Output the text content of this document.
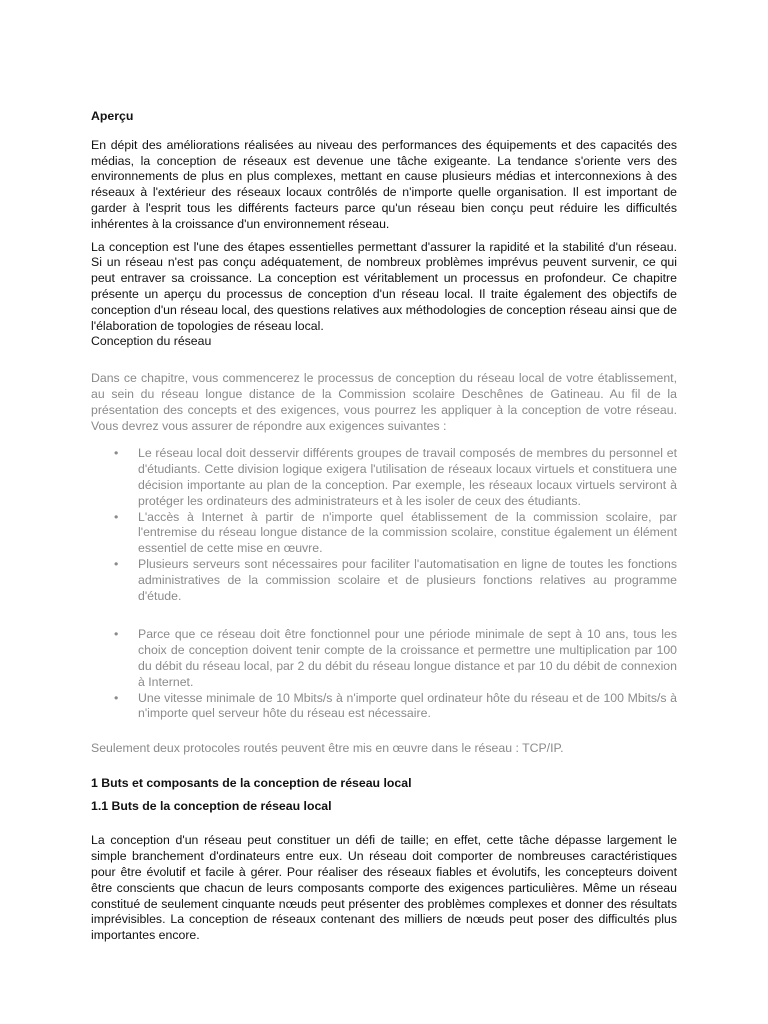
Aperçu

En dépit des améliorations réalisées au niveau des performances des équipements et des capacités des médias, la conception de réseaux est devenue une tâche exigeante. La tendance s'oriente vers des environnements de plus en plus complexes, mettant en cause plusieurs médias et interconnexions à des réseaux à l'extérieur des réseaux locaux contrôlés de n'importe quelle organisation. Il est important de garder à l'esprit tous les différents facteurs parce qu'un réseau bien conçu peut réduire les difficultés inhérentes à la croissance d'un environnement réseau.

La conception est l'une des étapes essentielles permettant d'assurer la rapidité et la stabilité d'un réseau. Si un réseau n'est pas conçu adéquatement, de nombreux problèmes imprévus peuvent survenir, ce qui peut entraver sa croissance. La conception est véritablement un processus en profondeur. Ce chapitre présente un aperçu du processus de conception d'un réseau local. Il traite également des objectifs de conception d'un réseau local, des questions relatives aux méthodologies de conception réseau ainsi que de l'élaboration de topologies de réseau local.

Conception du réseau

Dans ce chapitre, vous commencerez le processus de conception du réseau local de votre établissement, au sein du réseau longue distance de la Commission scolaire Deschênes de Gatineau. Au fil de la présentation des concepts et des exigences, vous pourrez les appliquer à la conception de votre réseau. Vous devrez vous assurer de répondre aux exigences suivantes :

• Le réseau local doit desservir différents groupes de travail composés de membres du personnel et d'étudiants. Cette division logique exigera l'utilisation de réseaux locaux virtuels et constituera une décision importante au plan de la conception. Par exemple, les réseaux locaux virtuels serviront à protéger les ordinateurs des administrateurs et à les isoler de ceux des étudiants.
• L'accès à Internet à partir de n'importe quel établissement de la commission scolaire, par l'entremise du réseau longue distance de la commission scolaire, constitue également un élément essentiel de cette mise en œuvre.
• Plusieurs serveurs sont nécessaires pour faciliter l'automatisation en ligne de toutes les fonctions administratives de la commission scolaire et de plusieurs fonctions relatives au programme d'étude.
• Parce que ce réseau doit être fonctionnel pour une période minimale de sept à 10 ans, tous les choix de conception doivent tenir compte de la croissance et permettre une multiplication par 100 du débit du réseau local, par 2 du débit du réseau longue distance et par 10 du débit de connexion à Internet.
• Une vitesse minimale de 10 Mbits/s à n'importe quel ordinateur hôte du réseau et de 100 Mbits/s à n'importe quel serveur hôte du réseau est nécessaire.

Seulement deux protocoles routés peuvent être mis en œuvre dans le réseau : TCP/IP.

1 Buts et composants de la conception de réseau local
1.1 Buts de la conception de réseau local

La conception d'un réseau peut constituer un défi de taille; en effet, cette tâche dépasse largement le simple branchement d'ordinateurs entre eux. Un réseau doit comporter de nombreuses caractéristiques pour être évolutif et facile à gérer. Pour réaliser des réseaux fiables et évolutifs, les concepteurs doivent être conscients que chacun de leurs composants comporte des exigences particulières. Même un réseau constitué de seulement cinquante nœuds peut présenter des problèmes complexes et donner des résultats imprévisibles. La conception de réseaux contenant des milliers de nœuds peut poser des difficultés plus importantes encore.
